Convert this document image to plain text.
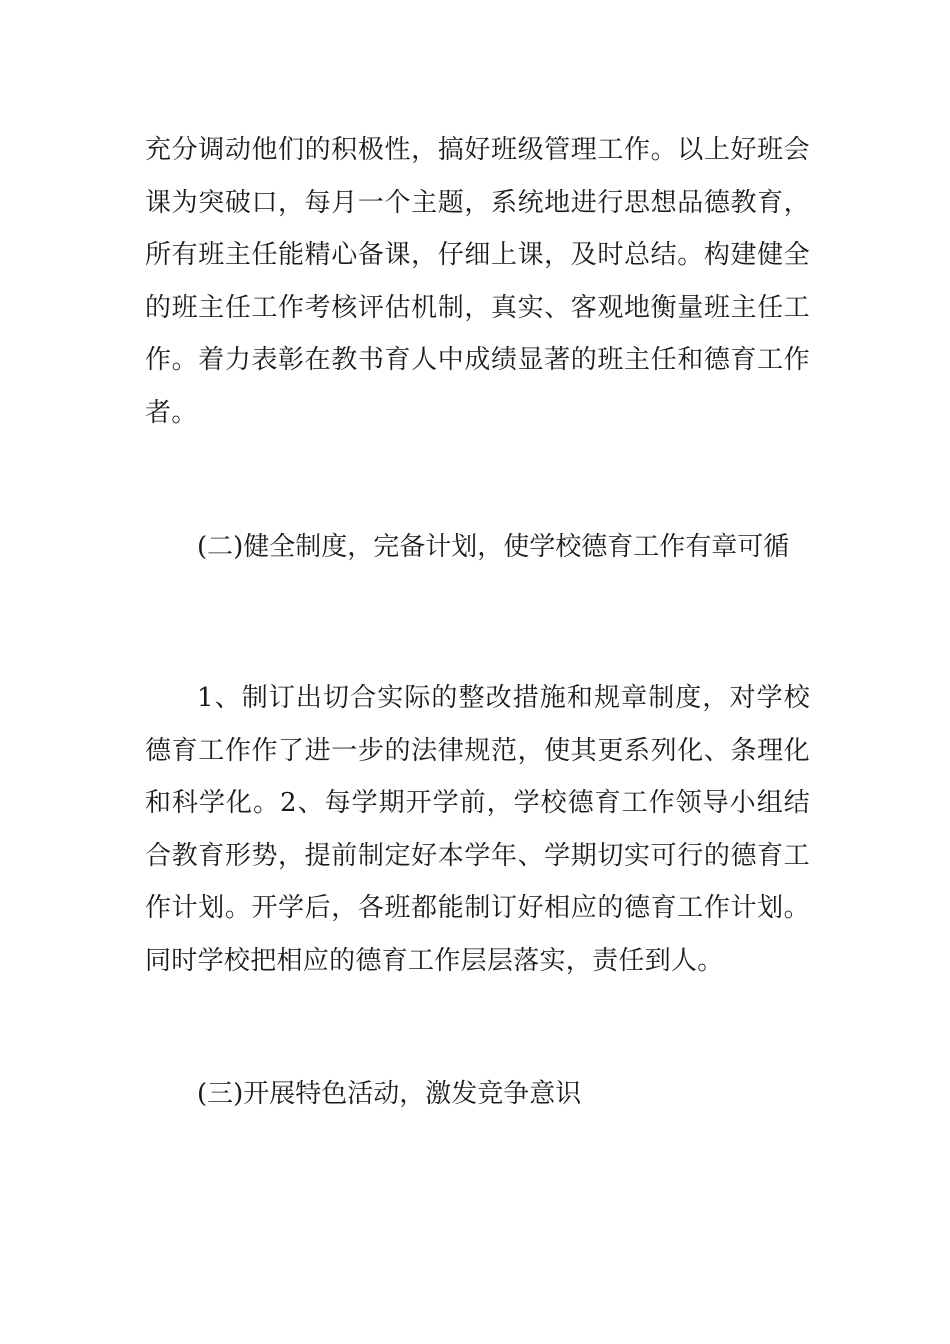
充分调动他们的积极性，搞好班级管理工作。以上好班会课为突破口，每月一个主题，系统地进行思想品德教育，所有班主任能精心备课，仔细上课，及时总结。构建健全的班主任工作考核评估机制，真实、客观地衡量班主任工作。着力表彰在教书育人中成绩显著的班主任和德育工作者。

(二)健全制度，完备计划，使学校德育工作有章可循

1、制订出切合实际的整改措施和规章制度，对学校德育工作作了进一步的法律规范，使其更系列化、条理化和科学化。2、每学期开学前，学校德育工作领导小组结合教育形势，提前制定好本学年、学期切实可行的德育工作计划。开学后，各班都能制订好相应的德育工作计划。同时学校把相应的德育工作层层落实，责任到人。

(三)开展特色活动，激发竞争意识
